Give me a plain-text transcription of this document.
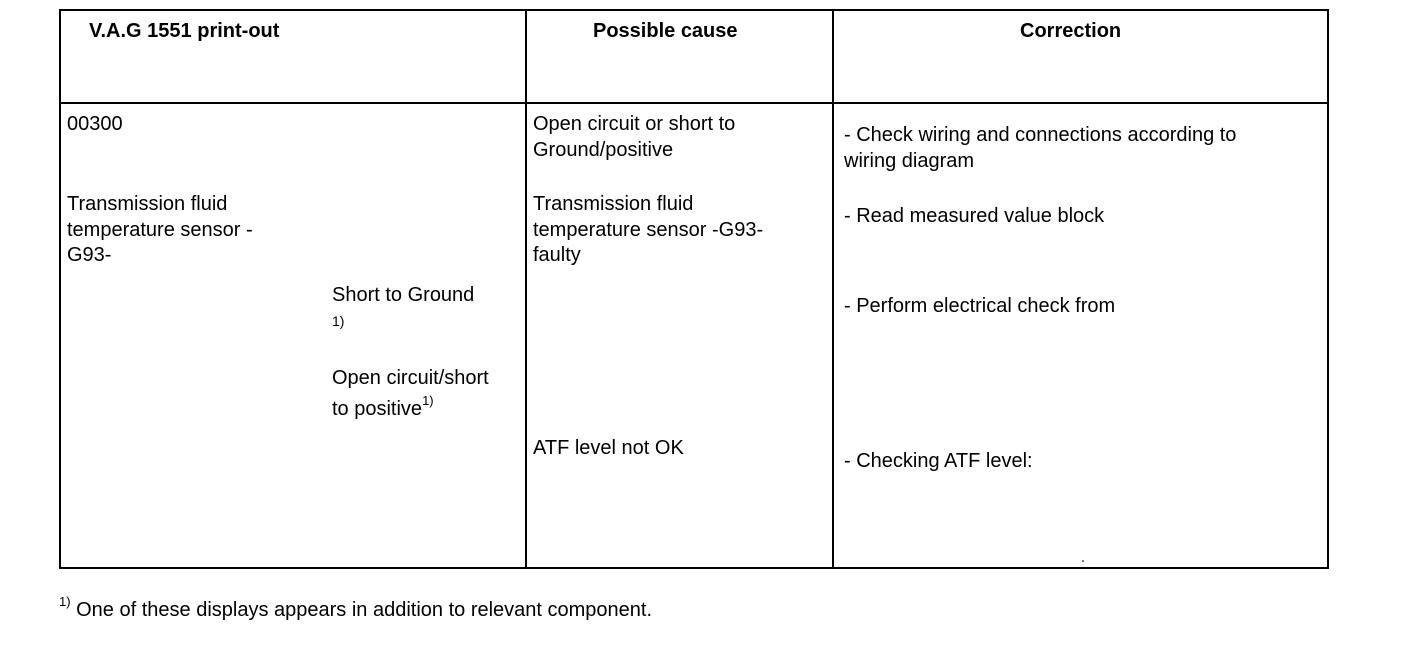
V.A.G 1551 print-out	Possible cause	Correction
00300
Transmission fluid
temperature sensor -
G93-
Short to Ground
1)
Open circuit/short
to positive$^{1)}$
Open circuit or short to
Ground/positive
Transmission fluid
temperature sensor -G93-
faulty
ATF level not OK
- Check wiring and connections according to
wiring diagram
- Read measured value block
- Perform electrical check from
- Checking ATF level:
$^{1)}$ One of these displays appears in addition to relevant component.
